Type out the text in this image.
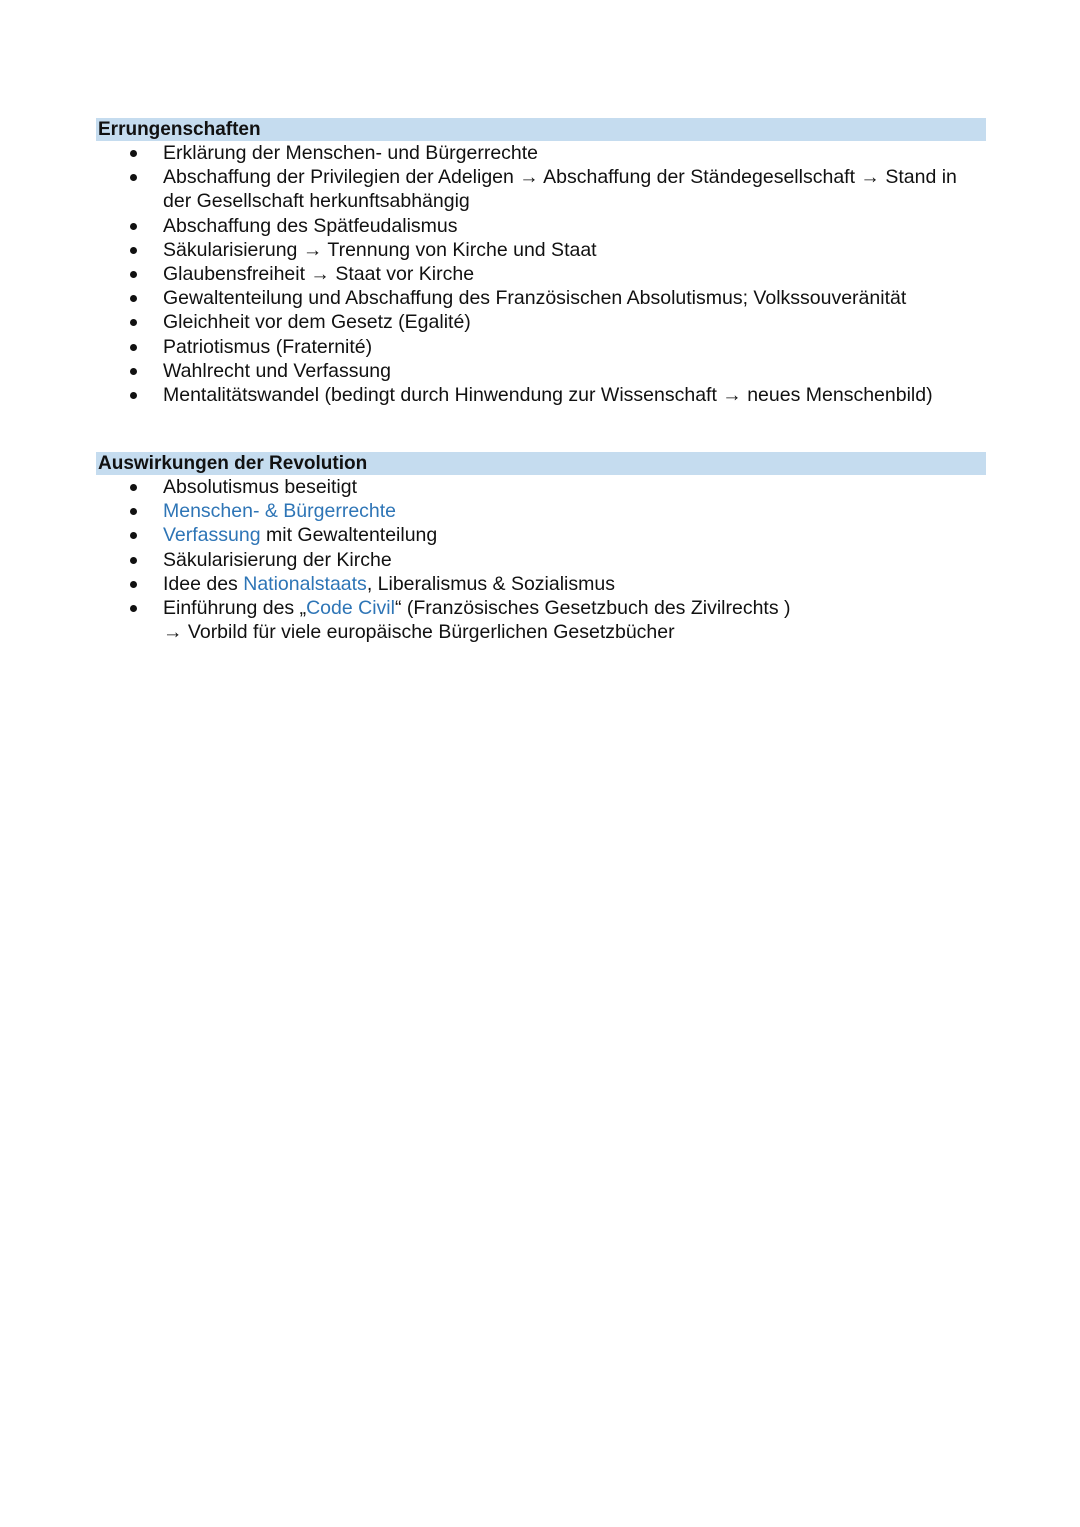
Errungenschaften
Erklärung der Menschen- und Bürgerrechte
Abschaffung der Privilegien der Adeligen → Abschaffung der Ständegesellschaft → Stand in
der Gesellschaft herkunftsabhängig
Abschaffung des Spätfeudalismus
Säkularisierung → Trennung von Kirche und Staat
Glaubensfreiheit → Staat vor Kirche
Gewaltenteilung und Abschaffung des Französischen Absolutismus; Volkssouveränität
Gleichheit vor dem Gesetz (Egalité)
Patriotismus (Fraternité)
Wahlrecht und Verfassung
Mentalitätswandel (bedingt durch Hinwendung zur Wissenschaft → neues Menschenbild)
Auswirkungen der Revolution
Absolutismus beseitigt
Menschen- & Bürgerrechte
Verfassung mit Gewaltenteilung
Säkularisierung der Kirche
Idee des Nationalstaats, Liberalismus & Sozialismus
Einführung des „Code Civil“ (Französisches Gesetzbuch des Zivilrechts )
→ Vorbild für viele europäische Bürgerlichen Gesetzbücher
